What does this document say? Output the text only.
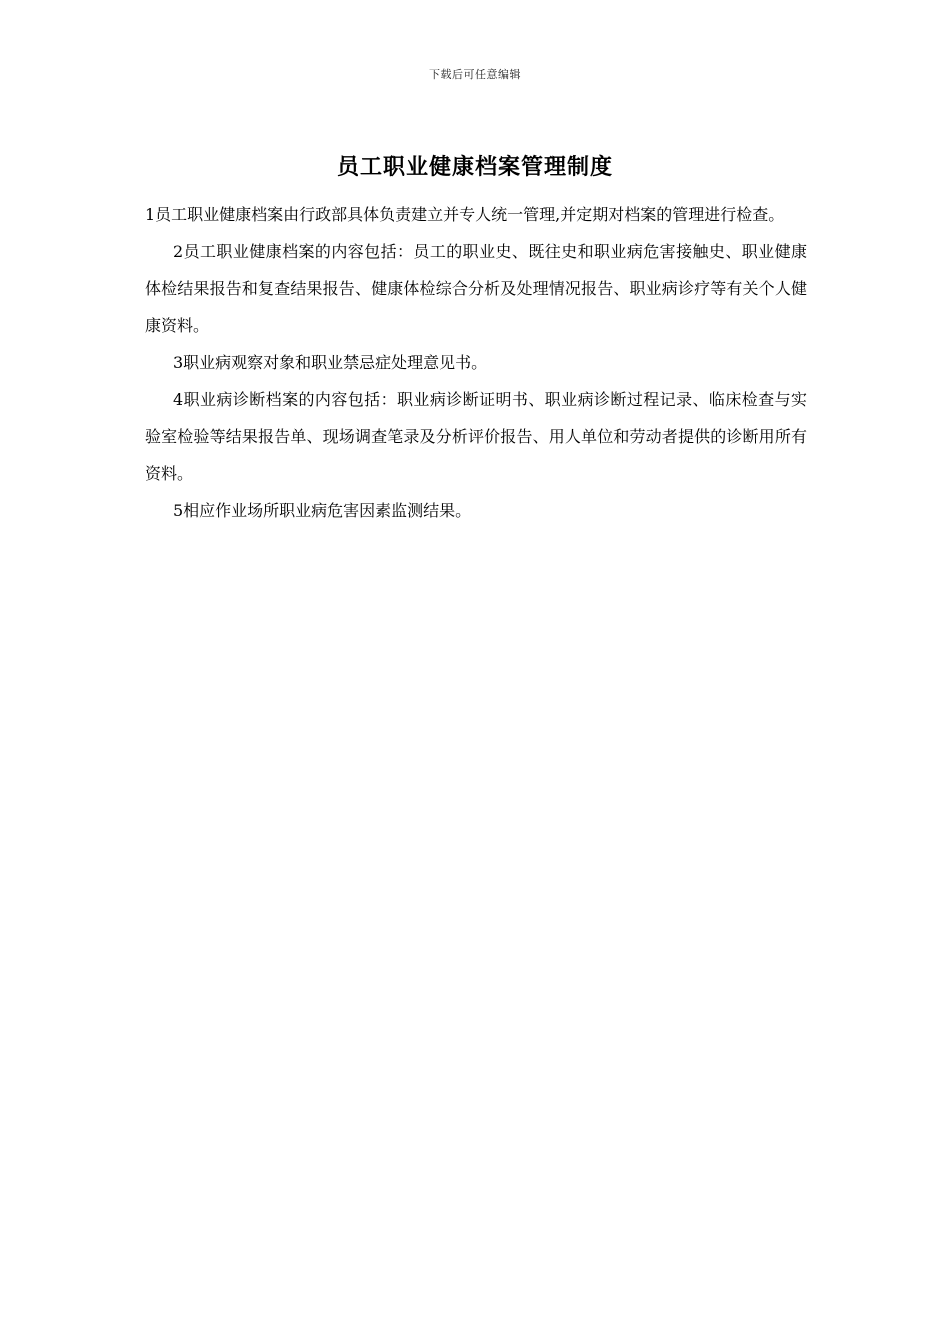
下载后可任意编辑
员工职业健康档案管理制度

1员工职业健康档案由行政部具体负责建立并专人统一管理,并定期对档案的管理进行检查。

2员工职业健康档案的内容包括：员工的职业史、既往史和职业病危害接触史、职业健康体检结果报告和复查结果报告、健康体检综合分析及处理情况报告、职业病诊疗等有关个人健康资料。

3职业病观察对象和职业禁忌症处理意见书。

4职业病诊断档案的内容包括：职业病诊断证明书、职业病诊断过程记录、临床检查与实验室检验等结果报告单、现场调查笔录及分析评价报告、用人单位和劳动者提供的诊断用所有资料。

5相应作业场所职业病危害因素监测结果。
